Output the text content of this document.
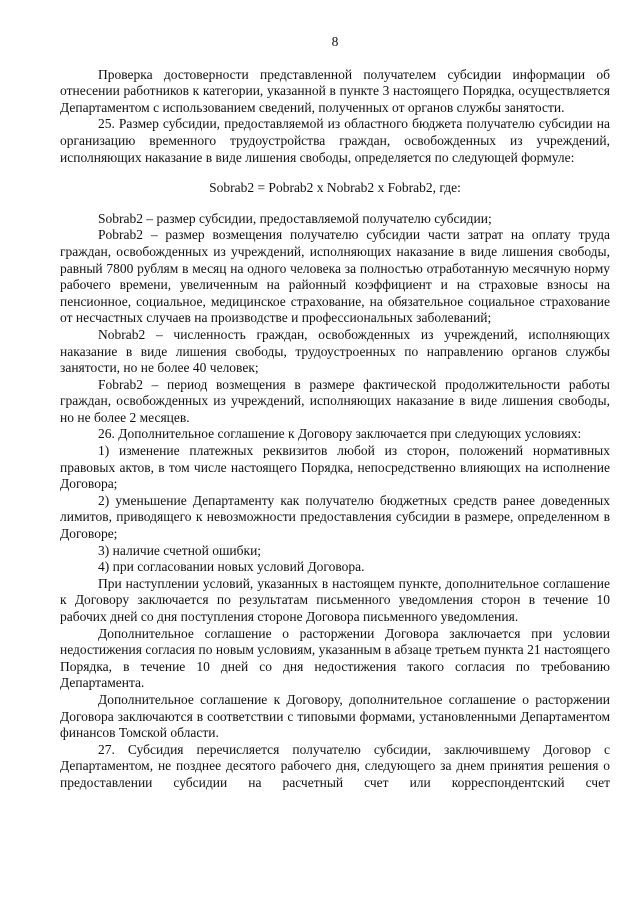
8

Проверка достоверности представленной получателем субсидии информации об отнесении работников к категории, указанной в пункте 3 настоящего Порядка, осуществляется Департаментом с использованием сведений, полученных от органов службы занятости.

25. Размер субсидии, предоставляемой из областного бюджета получателю субсидии на организацию временного трудоустройства граждан, освобожденных из учреждений, исполняющих наказание в виде лишения свободы, определяется по следующей формуле:

Sobrab2 = Pobrab2 x Nobrab2 x Fobrab2, где:

Sobrab2 – размер субсидии, предоставляемой получателю субсидии;

Pobrab2 – размер возмещения получателю субсидии части затрат на оплату труда граждан, освобожденных из учреждений, исполняющих наказание в виде лишения свободы, равный 7800 рублям в месяц на одного человека за полностью отработанную месячную норму рабочего времени, увеличенным на районный коэффициент и на страховые взносы на пенсионное, социальное, медицинское страхование, на обязательное социальное страхование от несчастных случаев на производстве и профессиональных заболеваний;

Nobrab2 – численность граждан, освобожденных из учреждений, исполняющих наказание в виде лишения свободы, трудоустроенных по направлению органов службы занятости, но не более 40 человек;

Fobrab2 – период возмещения в размере фактической продолжительности работы граждан, освобожденных из учреждений, исполняющих наказание в виде лишения свободы, но не более 2 месяцев.

26. Дополнительное соглашение к Договору заключается при следующих условиях:

1) изменение платежных реквизитов любой из сторон, положений нормативных правовых актов, в том числе настоящего Порядка, непосредственно влияющих на исполнение Договора;

2) уменьшение Департаменту как получателю бюджетных средств ранее доведенных лимитов, приводящего к невозможности предоставления субсидии в размере, определенном в Договоре;

3) наличие счетной ошибки;

4) при согласовании новых условий Договора.

При наступлении условий, указанных в настоящем пункте, дополнительное соглашение к Договору заключается по результатам письменного уведомления сторон в течение 10 рабочих дней со дня поступления стороне Договора письменного уведомления.

Дополнительное соглашение о расторжении Договора заключается при условии недостижения согласия по новым условиям, указанным в абзаце третьем пункта 21 настоящего Порядка, в течение 10 дней со дня недостижения такого согласия по требованию Департамента.

Дополнительное соглашение к Договору, дополнительное соглашение о расторжении Договора заключаются в соответствии с типовыми формами, установленными Департаментом финансов Томской области.

27. Субсидия перечисляется получателю субсидии, заключившему Договор с Департаментом, не позднее десятого рабочего дня, следующего за днем принятия решения о предоставлении субсидии на расчетный счет или корреспондентский счет
